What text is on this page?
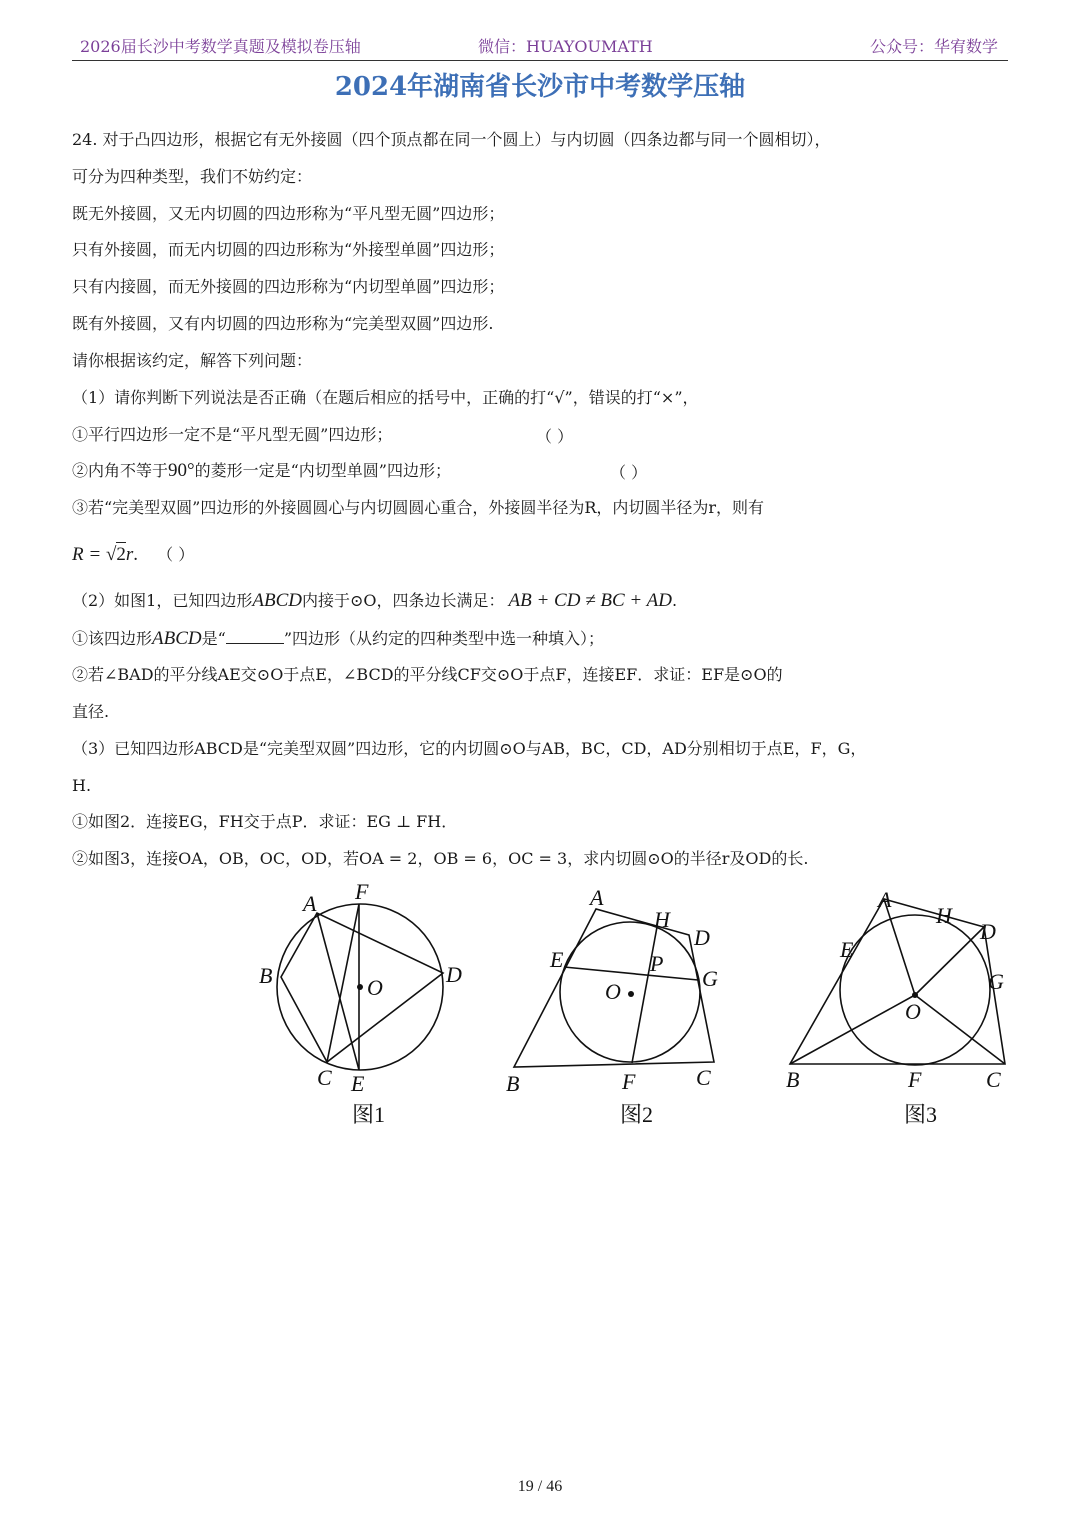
2026届长沙中考数学真题及模拟卷压轴	微信：HUAYOUMATH	公众号：华宥数学
2024年湖南省长沙市中考数学压轴
24. 对于凸四边形，根据它有无外接圆（四个顶点都在同一个圆上）与内切圆（四条边都与同一个圆相切），
可分为四种类型，我们不妨约定：
既无外接圆，又无内切圆的四边形称为“平凡型无圆”四边形；
只有外接圆，而无内切圆的四边形称为“外接型单圆”四边形；
只有内接圆，而无外接圆的四边形称为“内切型单圆”四边形；
既有外接圆，又有内切圆的四边形称为“完美型双圆”四边形.
请你根据该约定，解答下列问题：
（1）请你判断下列说法是否正确（在题后相应的括号中，正确的打“√”，错误的打“×”，
①平行四边形一定不是“平凡型无圆”四边形；	（ ）
②内角不等于90°的菱形一定是“内切型单圆”四边形；	（ ）
③若“完美型双圆”四边形的外接圆圆心与内切圆圆心重合，外接圆半径为R，内切圆半径为r，则有
R = √2r. （ ）
（2）如图1，已知四边形ABCD内接于⊙O，四条边长满足： AB + CD ≠ BC + AD.
①该四边形ABCD是“	”四边形（从约定的四种类型中选一种填入）；
②若∠BAD的平分线AE交⊙O于点E，∠BCD的平分线CF交⊙O于点F，连接EF．求证：EF是⊙O的
直径.
（3）已知四边形ABCD是“完美型双圆”四边形，它的内切圆⊙O与AB，BC，CD，AD分别相切于点E，F，G，
H.
①如图2．连接EG，FH交于点P．求证：EG ⊥ FH．
②如图3，连接OA，OB，OC，OD，若OA = 2，OB = 6，OC = 3，求内切圆⊙O的半径r及OD的长.
A
B
C
D
E
F
O
图1
A
B	C
D
E
F
G
H
O
P
图2
A
B	C
D
E
F
G
H
O
图3
19 / 46
